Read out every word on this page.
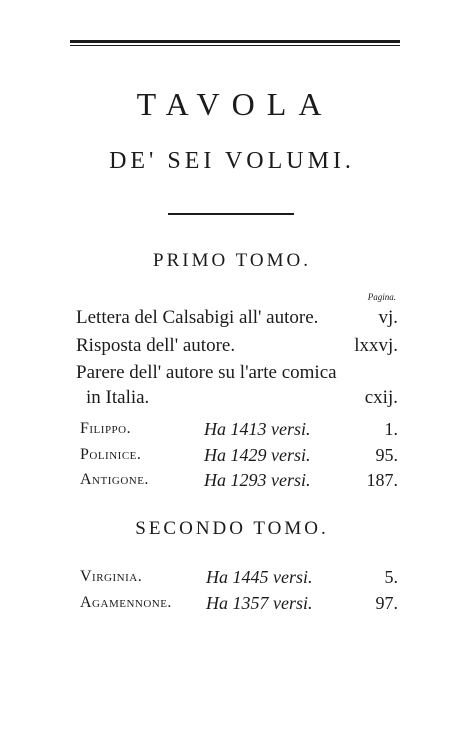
TAVOLA
DE' SEI VOLUMI.
PRIMO TOMO.
Pagina.
Lettera del Calsabigi all' autore.	vj.
Risposta dell' autore.	lxxvj.
Parere dell' autore su l'arte comica
in Italia.	cxij.
Filippo.	Ha 1413 versi.	1.
Polinice.	Ha 1429 versi.	95.
Antigone.	Ha 1293 versi.	187.
SECONDO TOMO.
Virginia.	Ha 1445 versi.	5.
Agamennone. Ha 1357 versi.	97.
